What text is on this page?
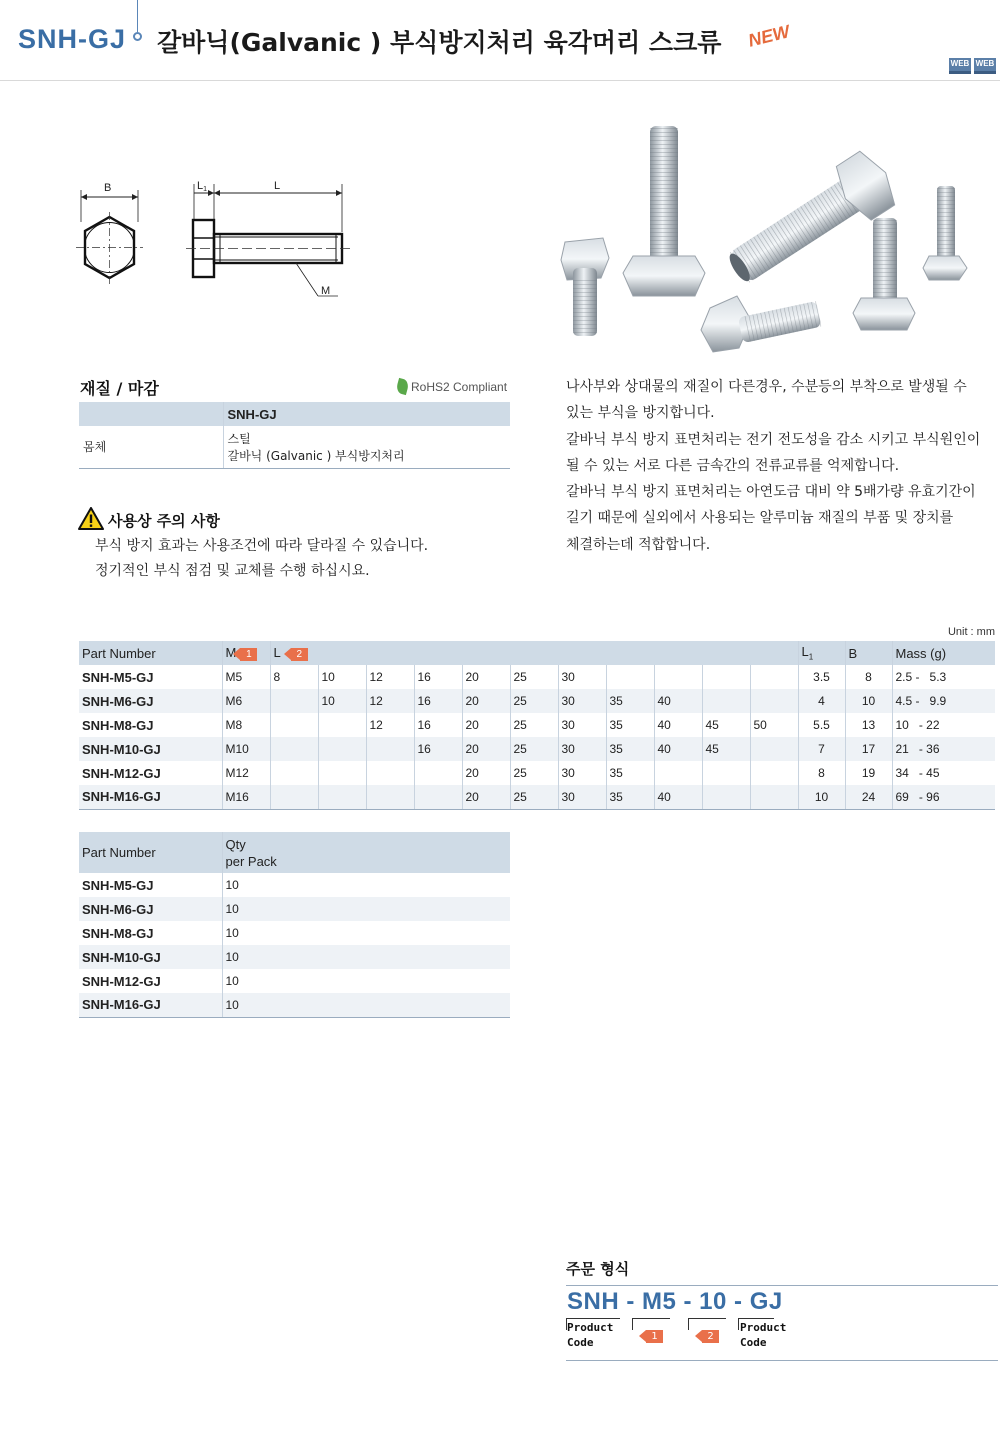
SNH-GJ 갈바닉(Galvanic ) 부식방지처리 육각머리 스크류 NEW
WEB WEB
B	L1	L
M
재질 / 마감	RoHS2 Compliant
	SNH-GJ
몸체	스틸
갈바닉 (Galvanic ) 부식방지처리
사용상 주의 사항
부식 방지 효과는 사용조건에 따라 달라질 수 있습니다.
정기적인 부식 점검 및 교체를 수행 하십시요.
나사부와 상대물의 재질이 다른경우, 수분등의 부착으로 발생될 수
있는 부식을 방지합니다.
갈바닉 부식 방지 표면처리는 전기 전도성을 감소 시키고 부식원인이
될 수 있는 서로 다른 금속간의 전류교류를 억제합니다.
갈바닉 부식 방지 표면처리는 아연도금 대비 약 5배가량 유효기간이
길기 때문에 실외에서 사용되는 알루미늄 재질의 부품 및 장치를
체결하는데 적합합니다.
Unit : mm
Part Number	M 1	L 2											$L_1$	B	Mass (g)
SNH-M5-GJ	M5	8	10	12	16	20	25	30					3.5	8	2.5 -   5.3
SNH-M6-GJ	M6		10	12	16	20	25	30	35	40			4	10	4.5 -   9.9
SNH-M8-GJ	M8			12	16	20	25	30	35	40	45	50	5.5	13	10   - 22
SNH-M10-GJ	M10				16	20	25	30	35	40	45		7	17	21   - 36
SNH-M12-GJ	M12					20	25	30	35				8	19	34   - 45
SNH-M16-GJ	M16					20	25	30	35	40			10	24	69   - 96
Part Number	Qty
per Pack

SNH-M5-GJ	10
SNH-M6-GJ	10
SNH-M8-GJ	10
SNH-M10-GJ	10
SNH-M12-GJ	10
SNH-M16-GJ	10
주문 형식
SNH - M5 - 10 - GJ
Product
Code	1	2
Product
Code
